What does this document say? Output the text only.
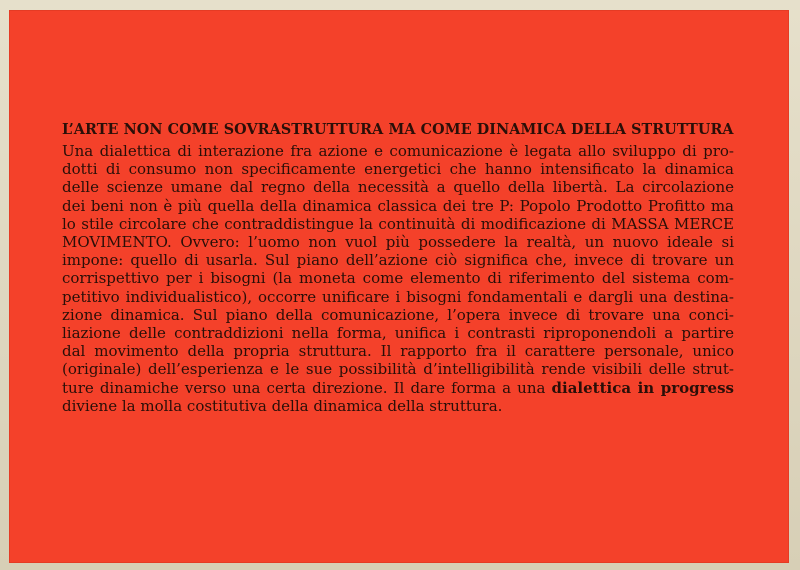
L’ARTE NON COME SOVRASTRUTTURA MA COME DINAMICA DELLA STRUTTURA
Una dialettica di interazione fra azione e comunicazione è legata allo sviluppo di pro-
dotti di consumo non specificamente energetici che hanno intensificato la dinamica
delle scienze umane dal regno della necessità a quello della libertà. La circolazione
dei beni non è più quella della dinamica classica dei tre P: Popolo Prodotto Profitto ma
lo stile circolare che contraddistingue la continuità di modificazione di MASSA MERCE
MOVIMENTO. Ovvero: l’uomo non vuol più possedere la realtà, un nuovo ideale si
impone: quello di usarla. Sul piano dell’azione ciò significa che, invece di trovare un
corrispettivo per i bisogni (la moneta come elemento di riferimento del sistema com-
petitivo individualistico), occorre unificare i bisogni fondamentali e dargli una destina-
zione dinamica. Sul piano della comunicazione, l’opera invece di trovare una conci-
liazione delle contraddizioni nella forma, unifica i contrasti riproponendoli a partire
dal movimento della propria struttura. Il rapporto fra il carattere personale, unico
(originale) dell’esperienza e le sue possibilità d’intelligibilità rende visibili delle strut-
ture dinamiche verso una certa direzione. Il dare forma a una dialettica in progress
diviene la molla costitutiva della dinamica della struttura.
